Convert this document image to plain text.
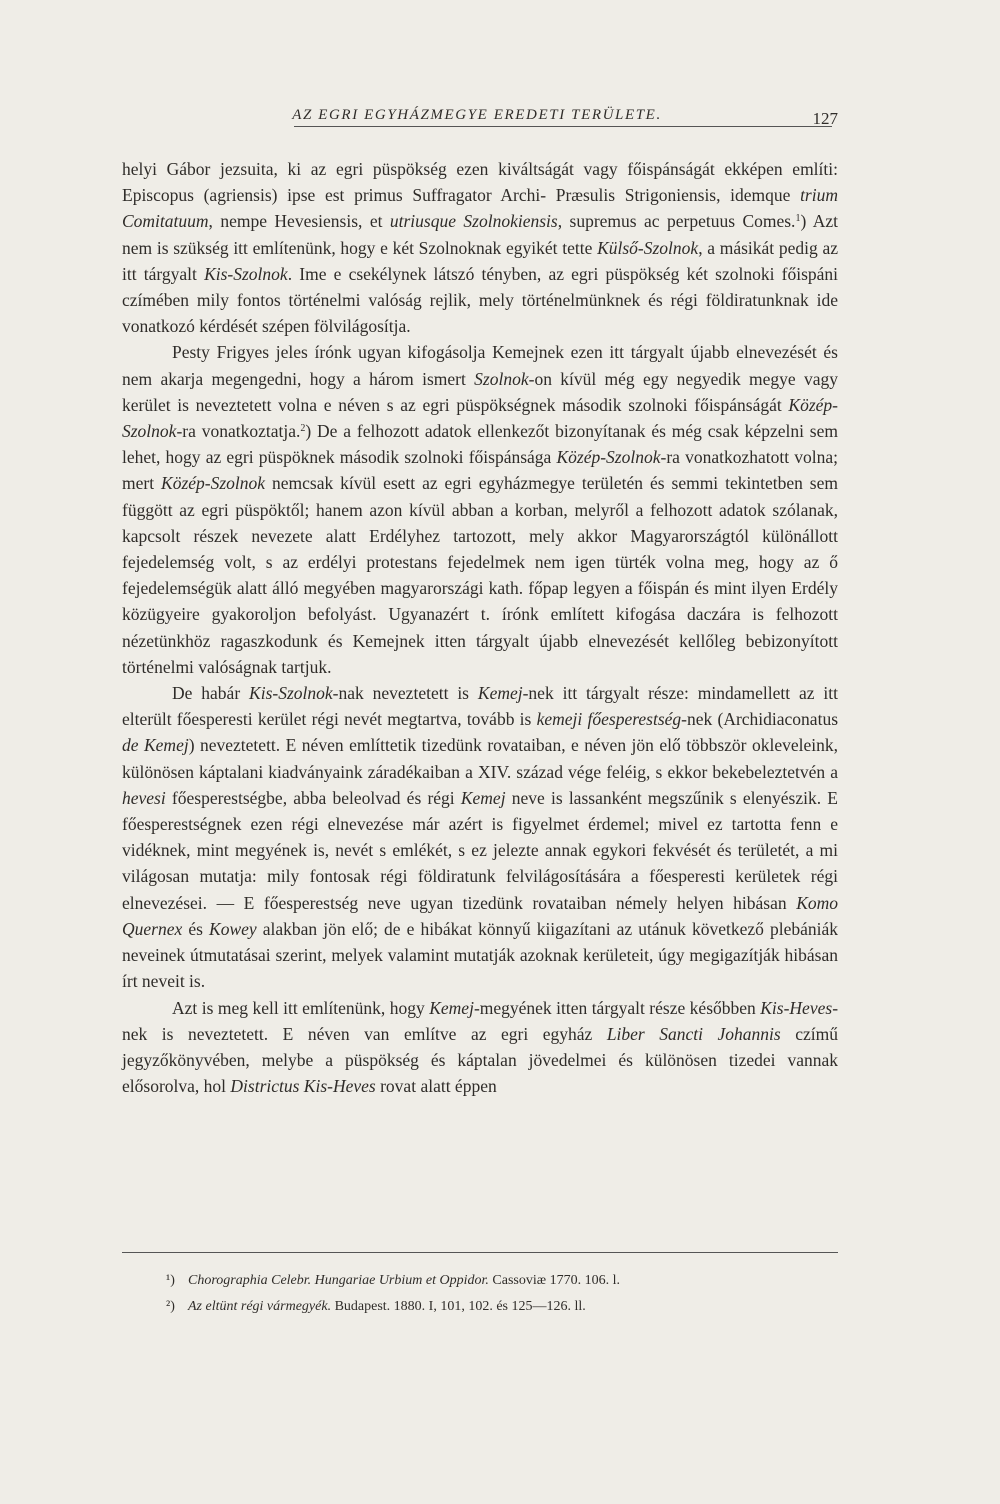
AZ EGRI EGYHÁZMEGYE EREDETI TERÜLETE.	127

helyi Gábor jezsuita, ki az egri püspökség ezen kiváltságát vagy főispánságát ekképen említi: Episcopus (agriensis) ipse est primus Suffragator Archi- Præsulis Strigoniensis, idemque trium Comitatuum, nempe Hevesiensis, et utriusque Szolnokiensis, supremus ac perpetuus Comes.$^1$) Azt nem is szükség itt említenünk, hogy e két Szolnoknak egyikét tette Külső-Szolnok, a másikát pedig az itt tárgyalt Kis-Szolnok. Ime e csekélynek látszó tényben, az egri püspökség két szolnoki főispáni czímében mily fontos történelmi valóság rejlik, mely történelmünknek és régi földiratunknak ide vonatkozó kérdését szépen fölvilágosítja.

Pesty Frigyes jeles írónk ugyan kifogásolja Kemejnek ezen itt tárgyalt újabb elnevezését és nem akarja megengedni, hogy a három ismert Szolnok-on kívül még egy negyedik megye vagy kerület is neveztetett volna e néven s az egri püspökségnek második szolnoki főispánságát Közép-Szolnok-ra vonatkoztatja.$^2$) De a felhozott adatok ellenkezőt bizonyítanak és még csak képzelni sem lehet, hogy az egri püspöknek második szolnoki főispánsága Közép-Szolnok-ra vonatkozhatott volna; mert Közép-Szolnok nemcsak kívül esett az egri egyházmegye területén és semmi tekintetben sem függött az egri püspöktől; hanem azon kívül abban a korban, melyről a felhozott adatok szólanak, kapcsolt részek nevezete alatt Erdélyhez tartozott, mely akkor Magyarországtól különállott fejedelemség volt, s az erdélyi protestans fejedelmek nem igen türték volna meg, hogy az ő fejedelemségük alatt álló megyében magyarországi kath. főpap legyen a főispán és mint ilyen Erdély közügyeire gyakoroljon befolyást. Ugyanazért t. írónk említett kifogása daczára is felhozott nézetünkhöz ragaszkodunk és Kemejnek itten tárgyalt újabb elnevezését kellőleg bebizonyított történelmi valóságnak tartjuk.

De habár Kis-Szolnok-nak neveztetett is Kemej-nek itt tárgyalt része: mindamellett az itt elterült főesperesti kerület régi nevét megtartva, tovább is kemeji főesperestség-nek (Archidiaconatus de Kemej) neveztetett. E néven említtetik tizedünk rovataiban, e néven jön elő többször okleveleink, különösen káptalani kiadványaink záradékaiban a XIV. század vége feléig, s ekkor bekebeleztetvén a hevesi főesperestségbe, abba beleolvad és régi Kemej neve is lassanként megszűnik s elenyészik. E főesperestségnek ezen régi elnevezése már azért is figyelmet érdemel; mivel ez tartotta fenn e vidéknek, mint megyének is, nevét s emlékét, s ez jelezte annak egykori fekvését és területét, a mi világosan mutatja: mily fontosak régi földiratunk felvilágosítására a főesperesti kerületek régi elnevezései. — E főesperestség neve ugyan tizedünk rovataiban némely helyen hibásan Komo Quernex és Kowey alakban jön elő; de e hibákat könnyű kiigazítani az utánuk következő plebániák neveinek útmutatásai szerint, melyek valamint mutatják azoknak kerületeit, úgy megigazítják hibásan írt neveit is.

Azt is meg kell itt említenünk, hogy Kemej-megyének itten tárgyalt része későbben Kis-Heves-nek is neveztetett. E néven van említve az egri egyház Liber Sancti Johannis czímű jegyzőkönyvében, melybe a püspökség és káptalan jövedelmei és különösen tizedei vannak elősorolva, hol Districtus Kis-Heves rovat alatt éppen

¹) Chorographia Celebr. Hungariae Urbium et Oppidor. Cassoviæ 1770. 106. l.
²) Az eltünt régi vármegyék. Budapest. 1880. I, 101, 102. és 125—126. ll.
